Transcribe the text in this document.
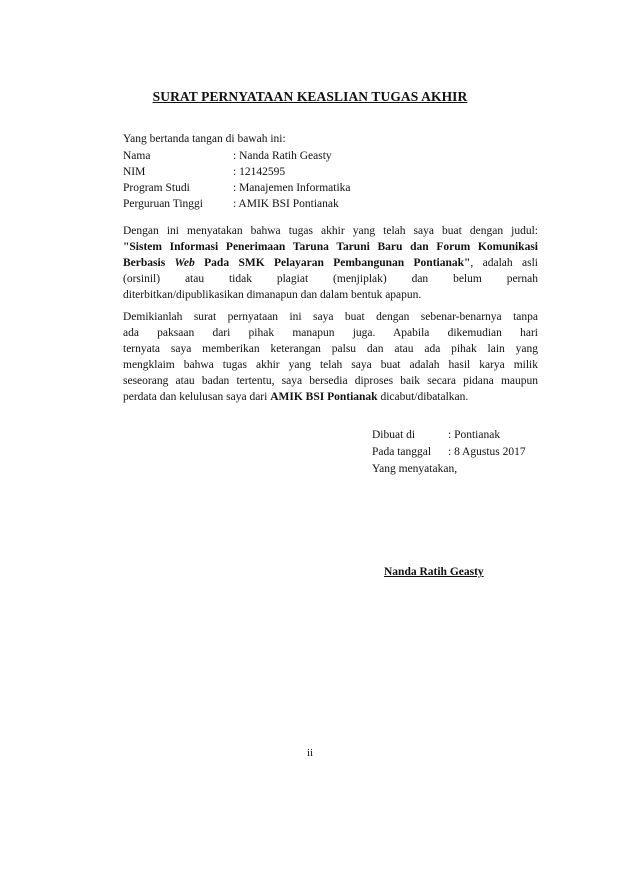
SURAT PERNYATAAN KEASLIAN TUGAS AKHIR
Yang bertanda tangan di bawah ini:
Nama	: Nanda Ratih Geasty
NIM	: 12142595
Program Studi	: Manajemen Informatika
Perguruan Tinggi	: AMIK BSI Pontianak
Dengan ini menyatakan bahwa tugas akhir yang telah saya buat dengan judul:
"Sistem Informasi Penerimaan Taruna Taruni Baru dan Forum Komunikasi
Berbasis Web Pada SMK Pelayaran Pembangunan Pontianak", adalah asli
(orsinil) atau tidak plagiat (menjiplak) dan belum pernah
diterbitkan/dipublikasikan dimanapun dan dalam bentuk apapun.
Demikianlah surat pernyataan ini saya buat dengan sebenar-benarnya tanpa
ada paksaan dari pihak manapun juga. Apabila dikemudian hari
ternyata saya memberikan keterangan palsu dan atau ada pihak lain yang
mengklaim bahwa tugas akhir yang telah saya buat adalah hasil karya milik
seseorang atau badan tertentu, saya bersedia diproses baik secara pidana maupun
perdata dan kelulusan saya dari AMIK BSI Pontianak dicabut/dibatalkan.
Dibuat di	: Pontianak
Pada tanggal	: 8 Agustus 2017
Yang menyatakan,
Nanda Ratih Geasty
ii
